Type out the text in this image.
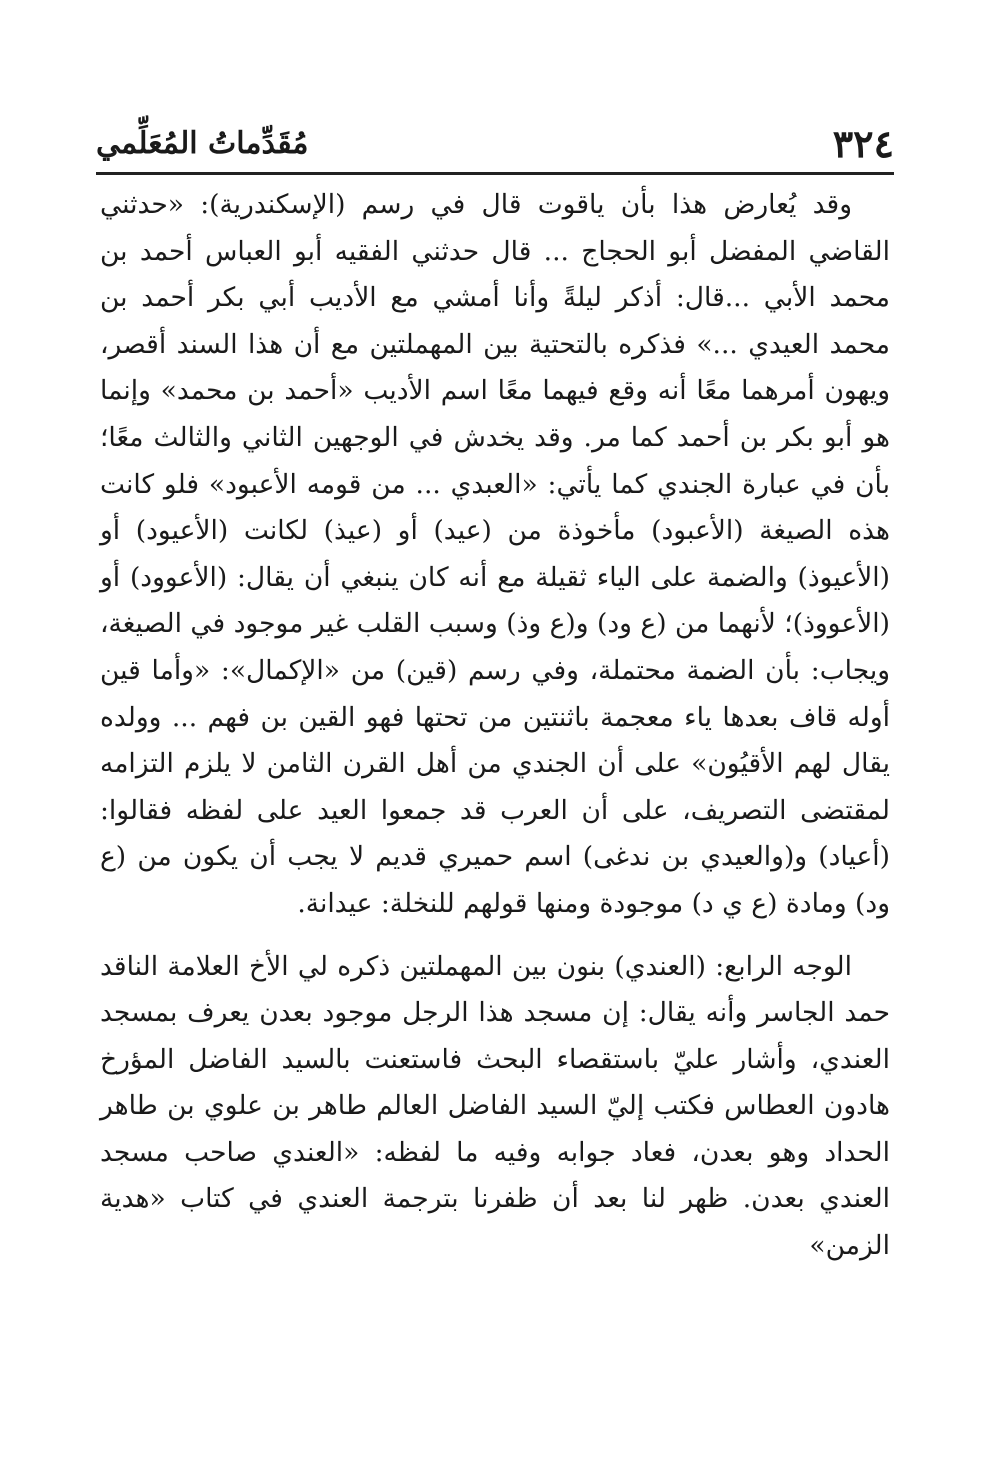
٣٢٤
مُقَدِّماتُ المُعَلِّمي

وقد يُعارض هذا بأن ياقوت قال في رسم (الإسكندرية): «حدثني القاضي المفضل أبو الحجاج ... قال حدثني الفقيه أبو العباس أحمد بن محمد الأبي ...قال: أذكر ليلةً وأنا أمشي مع الأديب أبي بكر أحمد بن محمد العيدي ...» فذكره بالتحتية بين المهملتين مع أن هذا السند أقصر، ويهون أمرهما معًا أنه وقع فيهما معًا اسم الأديب «أحمد بن محمد» وإنما هو أبو بكر بن أحمد كما مر. وقد يخدش في الوجهين الثاني والثالث معًا؛ بأن في عبارة الجندي كما يأتي: «العبدي ... من قومه الأعبود» فلو كانت هذه الصيغة (الأعبود) مأخوذة من (عيد) أو (عيذ) لكانت (الأعيود) أو (الأعيوذ) والضمة على الياء ثقيلة مع أنه كان ينبغي أن يقال: (الأعوود) أو (الأعووذ)؛ لأنهما من (ع ود) و(ع وذ) وسبب القلب غير موجود في الصيغة، ويجاب: بأن الضمة محتملة، وفي رسم (قين) من «الإكمال»: «وأما قين أوله قاف بعدها ياء معجمة باثنتين من تحتها فهو القين بن فهم ... وولده يقال لهم الأقيُون» على أن الجندي من أهل القرن الثامن لا يلزم التزامه لمقتضى التصريف، على أن العرب قد جمعوا العيد على لفظه فقالوا: (أعياد) و(والعيدي بن ندغى) اسم حميري قديم لا يجب أن يكون من (ع ود) ومادة (ع ي د) موجودة ومنها قولهم للنخلة: عيدانة.

الوجه الرابع: (العندي) بنون بين المهملتين ذكره لي الأخ العلامة الناقد حمد الجاسر وأنه يقال: إن مسجد هذا الرجل موجود بعدن يعرف بمسجد العندي، وأشار عليّ باستقصاء البحث فاستعنت بالسيد الفاضل المؤرخ هادون العطاس فكتب إليّ السيد الفاضل العالم طاهر بن علوي بن طاهر الحداد وهو بعدن، فعاد جوابه وفيه ما لفظه: «العندي صاحب مسجد العندي بعدن. ظهر لنا بعد أن ظفرنا بترجمة العندي في كتاب «هدية الزمن»
